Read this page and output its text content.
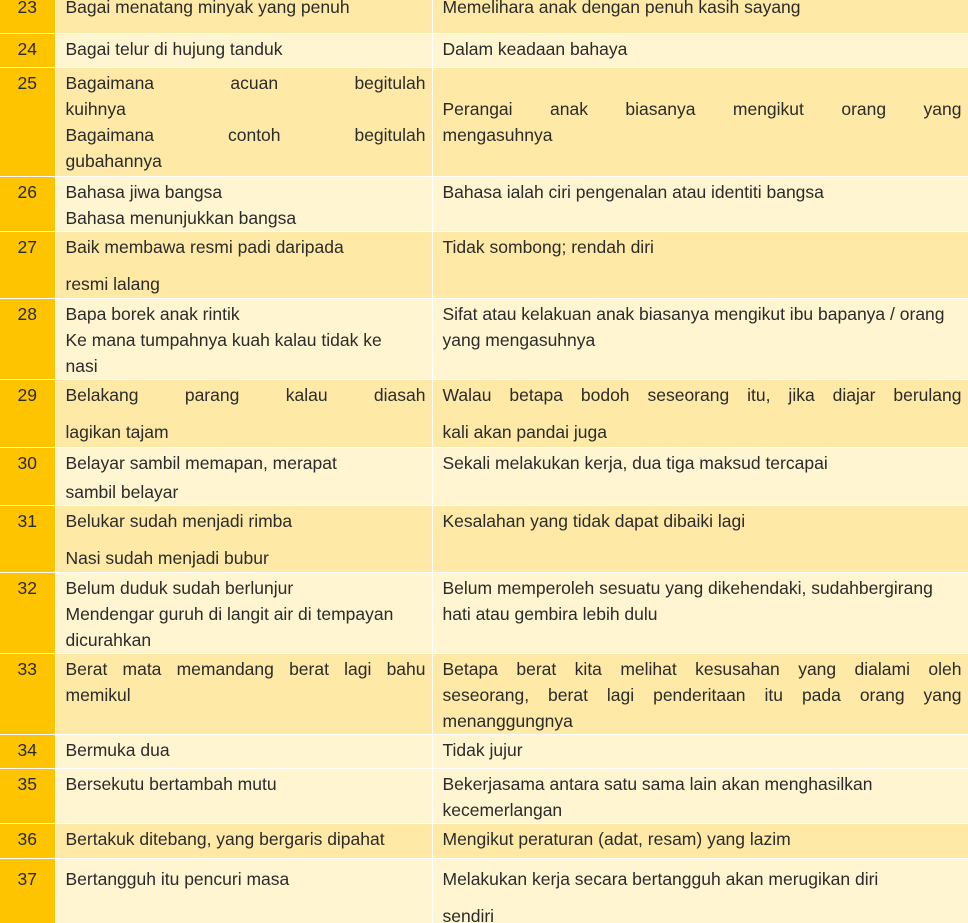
23	Bagai menatang minyak yang penuh	Memelihara anak dengan penuh kasih sayang

24	Bagai telur di hujung tanduk	Dalam keadaan bahaya

25	Bagaimana acuan begitulah
kuihnya
Bagaimana contoh begitulah
gubahannya	Perangai anak biasanya mengikut orang yang
mengasuhnya

26	Bahasa jiwa bangsa
Bahasa menunjukkan bangsa	Bahasa ialah ciri pengenalan atau identiti bangsa

27	Baik membawa resmi padi daripada
resmi lalang	Tidak sombong; rendah diri

28	Bapa borek anak rintik
Ke mana tumpahnya kuah kalau tidak ke
nasi	Sifat atau kelakuan anak biasanya mengikut ibu bapanya / orang
yang mengasuhnya

29	Belakang parang kalau diasah
lagikan tajam	Walau betapa bodoh seseorang itu, jika diajar berulang
kali akan pandai juga

30	Belayar sambil memapan, merapat
sambil belayar	Sekali melakukan kerja, dua tiga maksud tercapai

31	Belukar sudah menjadi rimba
Nasi sudah menjadi bubur	Kesalahan yang tidak dapat dibaiki lagi

32	Belum duduk sudah berlunjur
Mendengar guruh di langit air di tempayan
dicurahkan	Belum memperoleh sesuatu yang dikehendaki, sudahbergirang
hati atau gembira lebih dulu

33	Berat mata memandang berat lagi bahu
memikul	Betapa berat kita melihat kesusahan yang dialami oleh
seseorang, berat lagi penderitaan itu pada orang yang
menanggungnya

34	Bermuka dua	Tidak jujur

35	Bersekutu bertambah mutu	Bekerjasama antara satu sama lain akan menghasilkan
kecemerlangan

36	Bertakuk ditebang, yang bergaris dipahat	Mengikut peraturan (adat, resam) yang lazim

37	Bertangguh itu pencuri masa	Melakukan kerja secara bertangguh akan merugikan diri
sendiri
